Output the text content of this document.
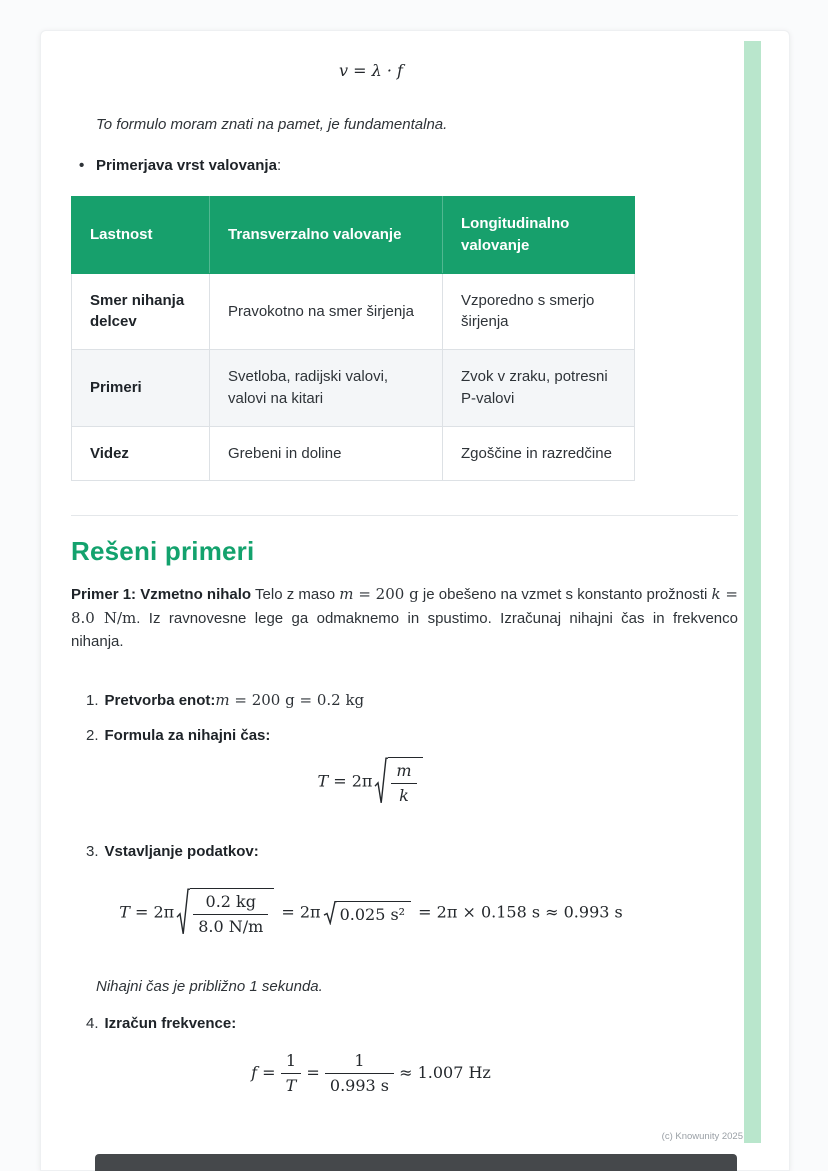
v = λ · f
To formulo moram znati na pamet, je fundamentalna.
• Primerjava vrst valovanja:
Lastnost	Transverzalno valovanje	Longitudinalno valovanje
Smer nihanja delcev	Pravokotno na smer širjenja	Vzporedno s smerjo širjenja
Primeri	Svetloba, radijski valovi, valovi na kitari	Zvok v zraku, potresni P-valovi
Videz	Grebeni in doline	Zgoščine in razredčine
Rešeni primeri

Primer 1: Vzmetno nihalo Telo z maso m = 200 g je obešeno na vzmet s konstanto prožnosti k = 8.0 N/m. Iz ravnovesne lege ga odmaknemo in spustimo. Izračunaj nihajni čas in frekvenco nihanja.

1. Pretvorba enot:m = 200 g = 0.2 kg
2. Formula za nihajni čas:
$T = 2\pi \frac{m}{k}$
3. Vstavljanje podatkov:
$T = 2\pi \frac{0.2 kg}{8.0 N/m} = 2\pi$ 0.025 s² = 2π × 0.158 s ≈ 0.993 s
Nihajni čas je približno 1 sekunda.
4. Izračun frekvence:
$f = \frac{1}{T} = \frac{1}{0.993 s} \approx 1.007$ Hz
(c) Knowunity 2025
